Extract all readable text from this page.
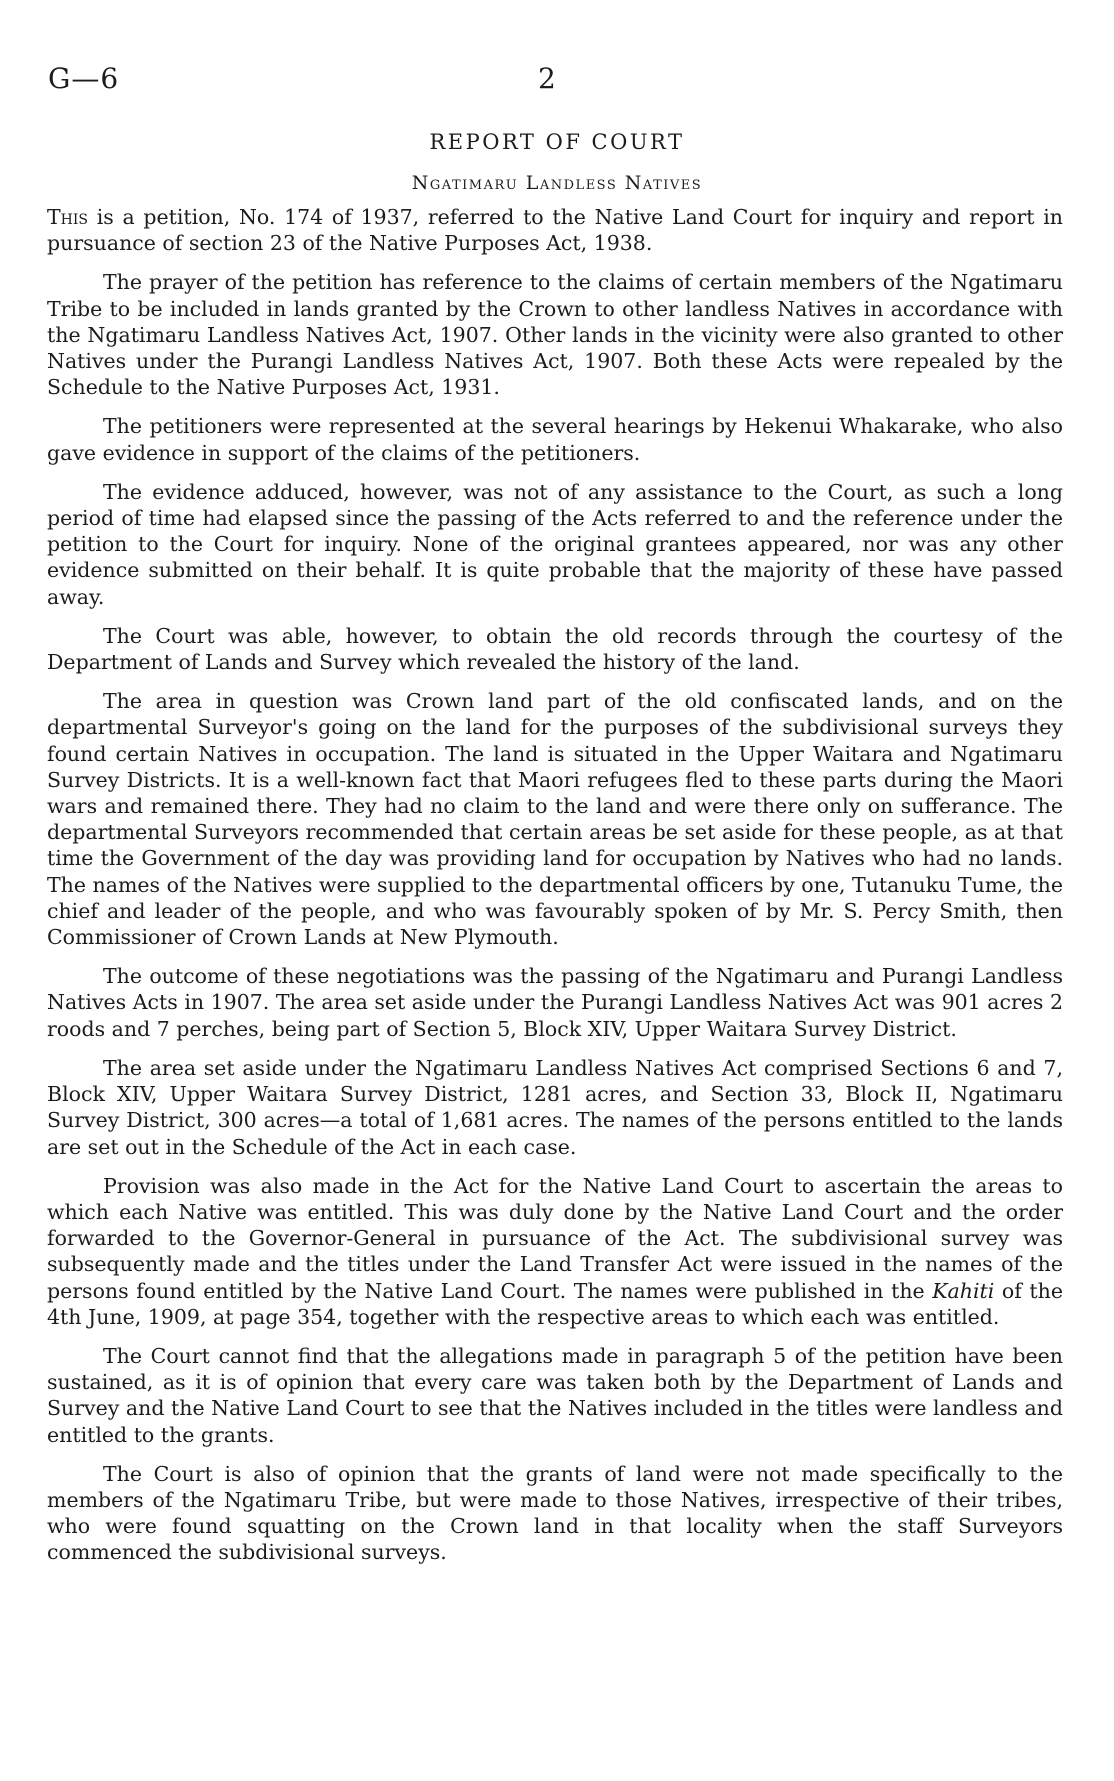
G—6	2
REPORT OF COURT
Ngatimaru Landless Natives

This is a petition, No. 174 of 1937, referred to the Native Land Court for inquiry and report in pursuance of section 23 of the Native Purposes Act, 1938.

The prayer of the petition has reference to the claims of certain members of the Ngatimaru Tribe to be included in lands granted by the Crown to other landless Natives in accordance with the Ngatimaru Landless Natives Act, 1907. Other lands in the vicinity were also granted to other Natives under the Purangi Landless Natives Act, 1907. Both these Acts were repealed by the Schedule to the Native Purposes Act, 1931.

The petitioners were represented at the several hearings by Hekenui Whakarake, who also gave evidence in support of the claims of the petitioners.

The evidence adduced, however, was not of any assistance to the Court, as such a long period of time had elapsed since the passing of the Acts referred to and the reference under the petition to the Court for inquiry. None of the original grantees appeared, nor was any other evidence submitted on their behalf. It is quite probable that the majority of these have passed away.

The Court was able, however, to obtain the old records through the courtesy of the Department of Lands and Survey which revealed the history of the land.

The area in question was Crown land part of the old confiscated lands, and on the departmental Surveyor's going on the land for the purposes of the subdivisional surveys they found certain Natives in occupation. The land is situated in the Upper Waitara and Ngatimaru Survey Districts. It is a well-known fact that Maori refugees fled to these parts during the Maori wars and remained there. They had no claim to the land and were there only on sufferance. The departmental Surveyors recommended that certain areas be set aside for these people, as at that time the Government of the day was providing land for occupation by Natives who had no lands. The names of the Natives were supplied to the departmental officers by one, Tutanuku Tume, the chief and leader of the people, and who was favourably spoken of by Mr. S. Percy Smith, then Commissioner of Crown Lands at New Plymouth.

The outcome of these negotiations was the passing of the Ngatimaru and Purangi Landless Natives Acts in 1907. The area set aside under the Purangi Landless Natives Act was 901 acres 2 roods and 7 perches, being part of Section 5, Block XIV, Upper Waitara Survey District.

The area set aside under the Ngatimaru Landless Natives Act comprised Sections 6 and 7, Block XIV, Upper Waitara Survey District, 1281 acres, and Section 33, Block II, Ngatimaru Survey District, 300 acres—a total of 1,681 acres. The names of the persons entitled to the lands are set out in the Schedule of the Act in each case.

Provision was also made in the Act for the Native Land Court to ascertain the areas to which each Native was entitled. This was duly done by the Native Land Court and the order forwarded to the Governor-General in pursuance of the Act. The subdivisional survey was subsequently made and the titles under the Land Transfer Act were issued in the names of the persons found entitled by the Native Land Court. The names were published in the Kahiti of the 4th June, 1909, at page 354, together with the respective areas to which each was entitled.

The Court cannot find that the allegations made in paragraph 5 of the petition have been sustained, as it is of opinion that every care was taken both by the Department of Lands and Survey and the Native Land Court to see that the Natives included in the titles were landless and entitled to the grants.

The Court is also of opinion that the grants of land were not made specifically to the members of the Ngatimaru Tribe, but were made to those Natives, irrespective of their tribes, who were found squatting on the Crown land in that locality when the staff Surveyors commenced the subdivisional surveys.
